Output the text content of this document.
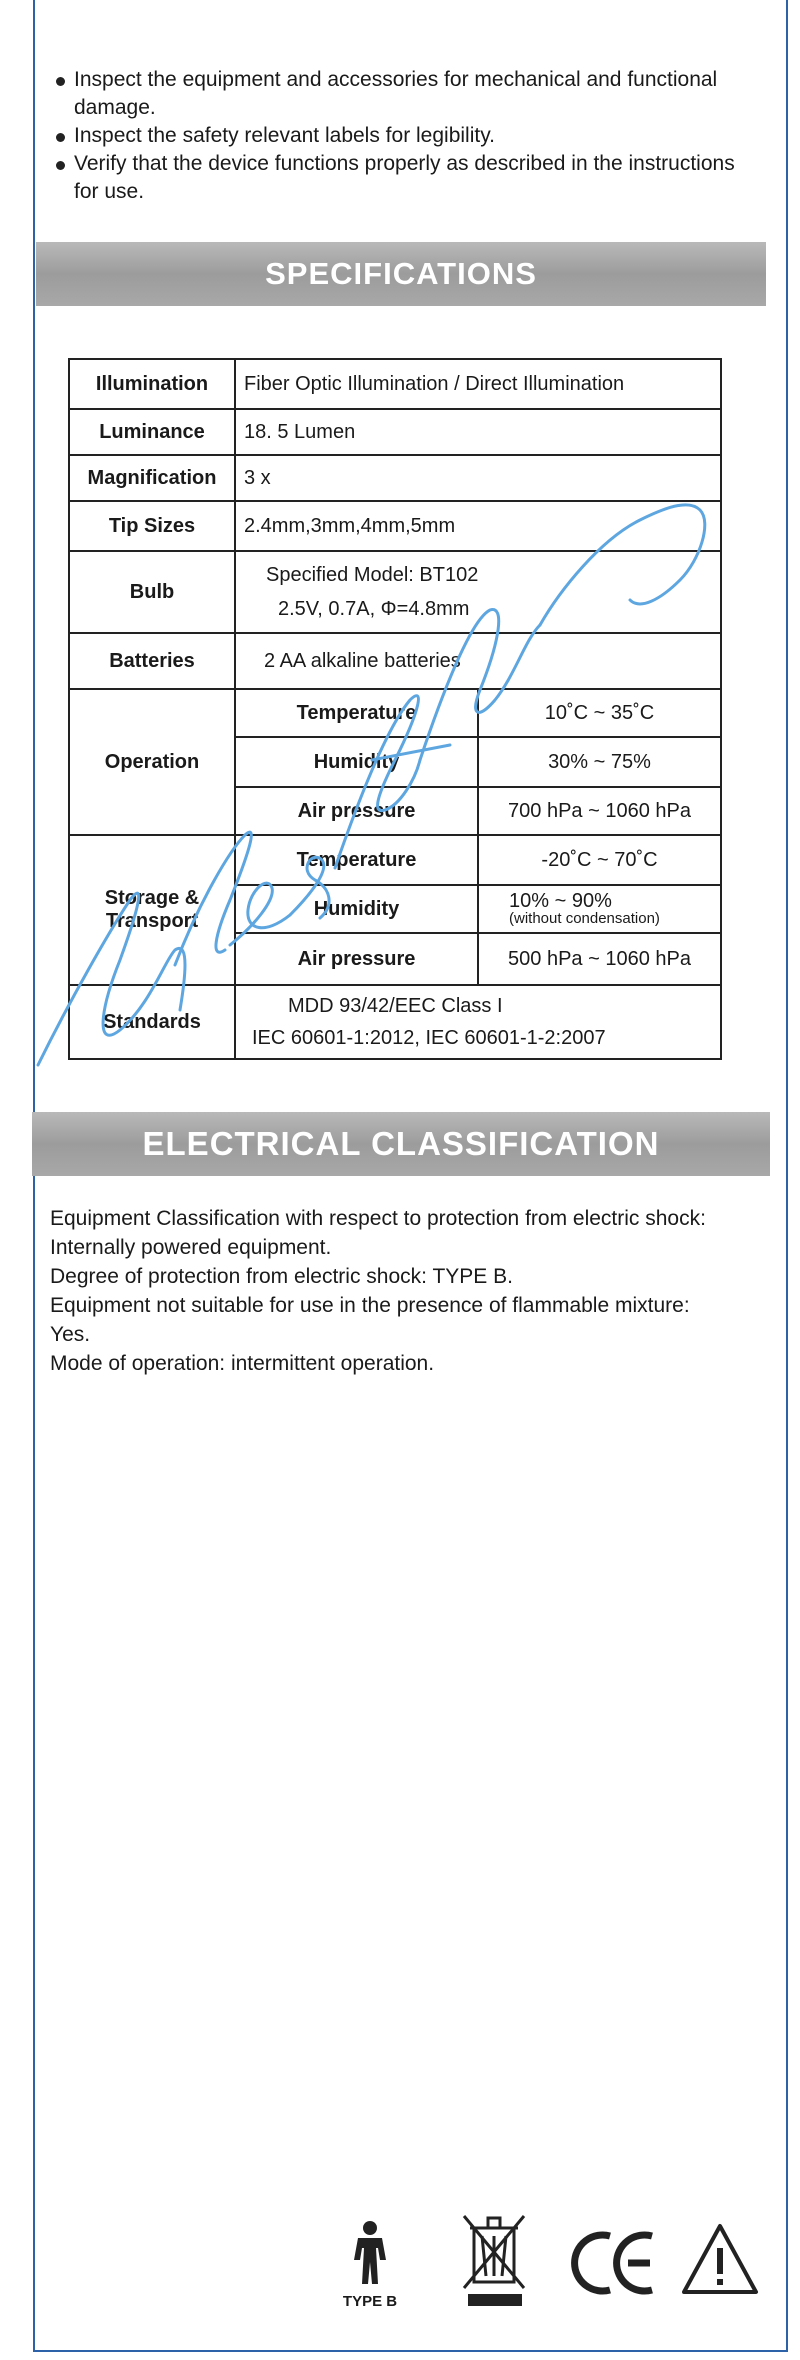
Inspect the equipment and accessories for mechanical and functional damage.
Inspect the safety relevant labels for legibility.
Verify that the device functions properly as described in the instructions for use.
SPECIFICATIONS
Illumination	Fiber Optic Illumination / Direct Illumination	
Luminance	18. 5 Lumen	
Magnification	3 x	
Tip Sizes	2.4mm,3mm,4mm,5mm	
Bulb	Specified Model: BT102
2.5V, 0.7A, Φ=4.8mm	
Batteries	2 AA alkaline batteries	
Operation	Temperature	10˚C ~ 35˚C
	Humidity	30% ~ 75%
	Air pressure	700 hPa ~ 1060 hPa
Storage &
Transport	Temperature	-20˚C ~ 70˚C
	Humidity	10% ~ 90%
(without condensation)

	Air pressure	500 hPa ~ 1060 hPa
Standards	MDD 93/42/EEC Class I
IEC 60601-1:2012, IEC 60601-1-2:2007	
ELECTRICAL CLASSIFICATION

Equipment Classification with respect to protection from electric shock:

Internally powered equipment.

Degree of protection from electric shock: TYPE B.

Equipment not suitable for use in the presence of flammable mixture:

Yes.

Mode of operation: intermittent operation.

TYPE B
